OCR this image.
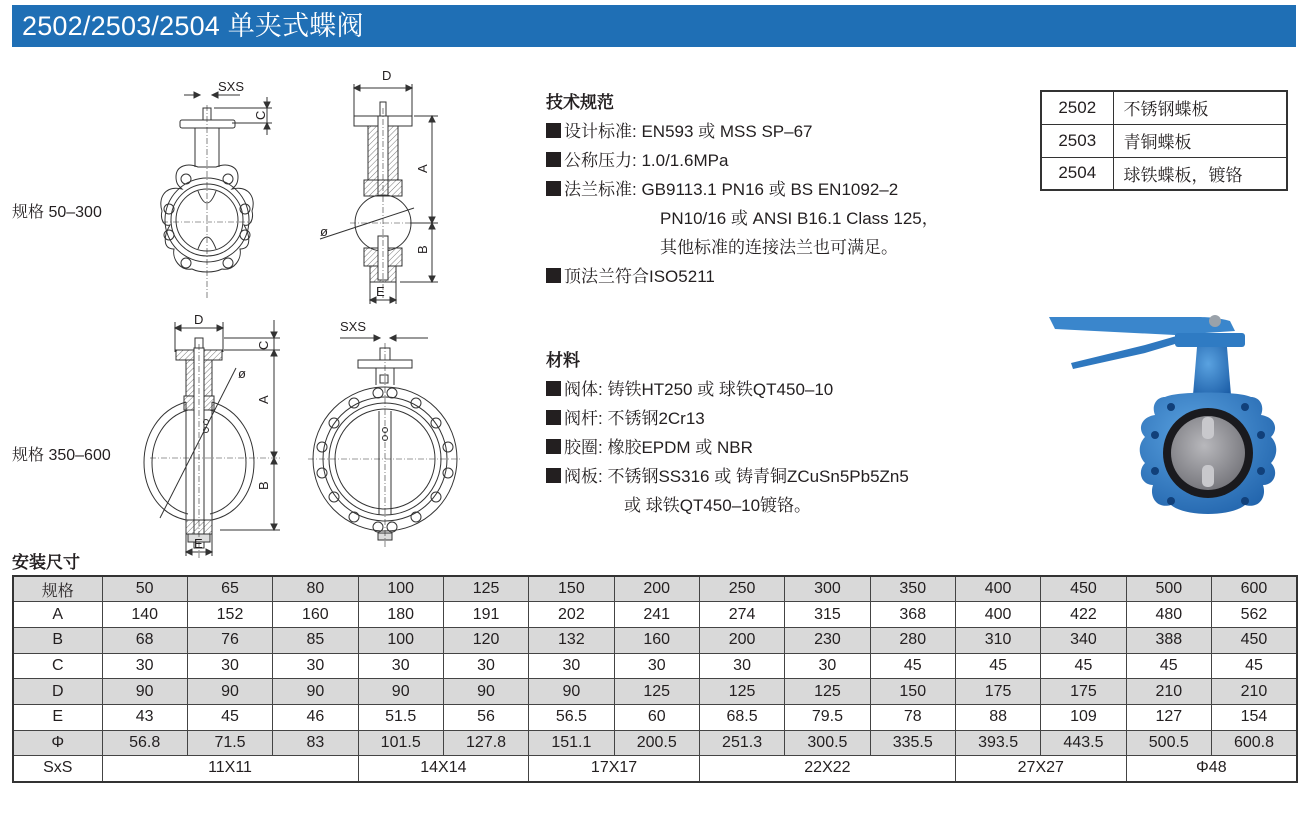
2502/2503/2504 单夹式蝶阀
规格 50–300
规格 350–600
SXS
C
D
A
B
ø
E
D
C
A
B
ø
E
SXS
技术规范
设计标准: EN593 或 MSS SP–67
公称压力: 1.0/1.6MPa
法兰标准: GB9113.1 PN16 或 BS EN1092–2
PN10/16 或 ANSI B16.1 Class 125，
其他标准的连接法兰也可满足。
顶法兰符合ISO5211
材料
阀体: 铸铁HT250 或 球铁QT450–10
阀杆: 不锈钢2Cr13
胶圈: 橡胶EPDM 或 NBR
阀板: 不锈钢SS316 或 铸青铜ZCuSn5Pb5Zn5
或 球铁QT450–10镀铬。
2502	不锈钢蝶板
2503	青铜蝶板
2504	球铁蝶板，镀铬
安装尺寸
规格	50	65	80	100	125	150	200	250	300	350	400	450	500	600
A	140	152	160	180	191	202	241	274	315	368	400	422	480	562
B	68	76	85	100	120	132	160	200	230	280	310	340	388	450
C	30	30	30	30	30	30	30	30	30	45	45	45	45	45
D	90	90	90	90	90	90	125	125	125	150	175	175	210	210
E	43	45	46	51.5	56	56.5	60	68.5	79.5	78	88	109	127	154
Φ	56.8	71.5	83	101.5	127.8	151.1	200.5	251.3	300.5	335.5	393.5	443.5	500.5	600.8
SxS	11X11			14X14		17X17		22X22			27X27		Φ48	
